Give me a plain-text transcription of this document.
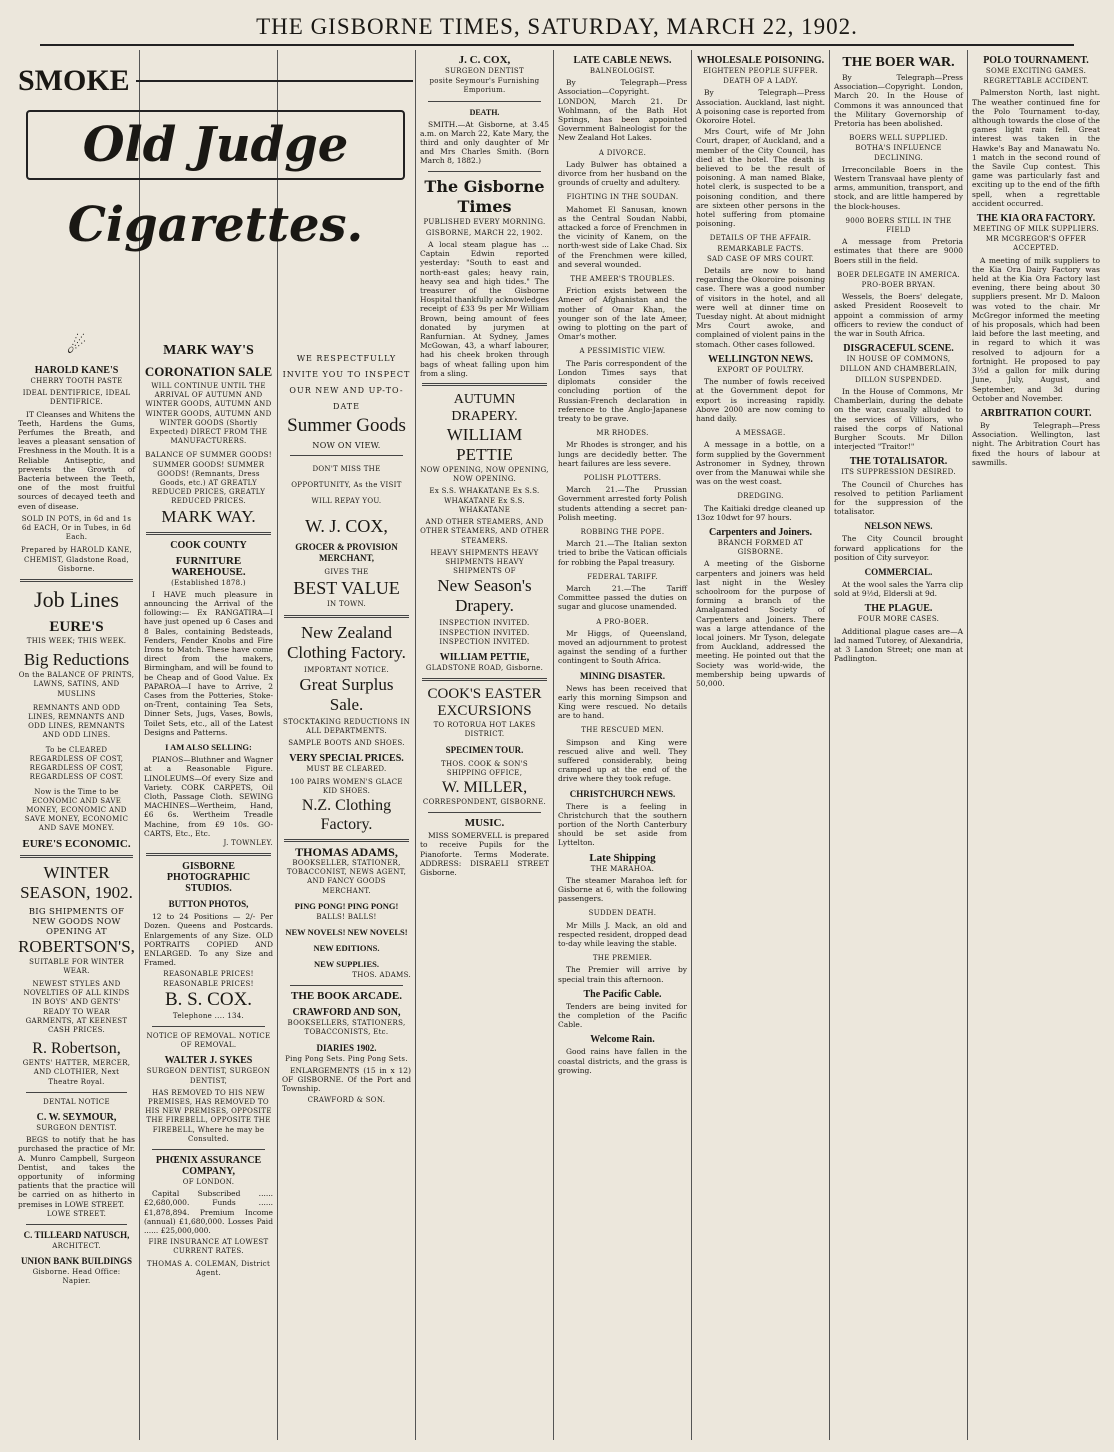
THE GISBORNE TIMES, SATURDAY, MARCH 22, 1902.
SMOKE
Old Judge
Cigarettes.
☄
HAROLD KANE'S
CHERRY TOOTH PASTE
IDEAL DENTIFRICE, IDEAL DENTIFRICE.
IT Cleanses and Whitens the Teeth, Hardens the Gums, Perfumes the Breath, and leaves a pleasant sensation of Freshness in the Mouth. It is a Reliable Antiseptic, and prevents the Growth of Bacteria between the Teeth, one of the most fruitful sources of decayed teeth and even of disease.
SOLD IN POTS, in 6d and 1s 6d EACH, Or in Tubes, in 6d Each.
Prepared by HAROLD KANE, CHEMIST, Gladstone Road, Gisborne.
Job Lines
EURE'S
THIS WEEK; THIS WEEK.
Big Reductions
On the BALANCE OF PRINTS, LAWNS, SATINS, AND MUSLINS
REMNANTS AND ODD LINES, REMNANTS AND ODD LINES, REMNANTS AND ODD LINES.
To be CLEARED REGARDLESS OF COST, REGARDLESS OF COST, REGARDLESS OF COST.
Now is the Time to be ECONOMIC AND SAVE MONEY, ECONOMIC AND SAVE MONEY, ECONOMIC AND SAVE MONEY.
EURE'S ECONOMIC.
WINTER SEASON, 1902.
BIG SHIPMENTS OF NEW GOODS NOW OPENING AT
ROBERTSON'S,
SUITABLE FOR WINTER WEAR.
NEWEST STYLES AND NOVELTIES OF ALL KINDS IN BOYS' AND GENTS' READY TO WEAR GARMENTS, AT KEENEST CASH PRICES.
R. Robertson,
GENTS' HATTER, MERCER, AND CLOTHIER, Next Theatre Royal.
DENTAL NOTICE
C. W. SEYMOUR,
SURGEON DENTIST.
BEGS to notify that he has purchased the practice of Mr. A. Munro Campbell, Surgeon Dentist, and takes the opportunity of informing patients that the practice will be carried on as hitherto in premises in LOWE STREET.
LOWE STREET.
C. TILLEARD NATUSCH,
ARCHITECT.
UNION BANK BUILDINGS
Gisborne. Head Office: Napier.
MARK WAY'S
CORONATION SALE
WILL CONTINUE UNTIL THE ARRIVAL OF AUTUMN AND WINTER GOODS, AUTUMN AND WINTER GOODS, AUTUMN AND WINTER GOODS (Shortly Expected) DIRECT FROM THE MANUFACTURERS.
BALANCE OF SUMMER GOODS! SUMMER GOODS! SUMMER GOODS! (Remnants, Dress Goods, etc.) AT GREATLY REDUCED PRICES, GREATLY REDUCED PRICES.
MARK WAY.
COOK COUNTY
FURNITURE WAREHOUSE.
(Established 1878.)
I HAVE much pleasure in announcing the Arrival of the following:— Ex RANGATIRA—I have just opened up 6 Cases and 8 Bales, containing Bedsteads, Fenders, Fender Knobs and Fire Irons to Match. These have come direct from the makers, Birmingham, and will be found to be Cheap and of Good Value. Ex PAPAROA—I have to Arrive, 2 Cases from the Potteries, Stoke-on-Trent, containing Tea Sets, Dinner Sets, Jugs, Vases, Bowls, Toilet Sets, etc., all of the Latest Designs and Patterns.
I AM ALSO SELLING:
PIANOS—Bluthner and Wagner at a Reasonable Figure. LINOLEUMS—Of every Size and Variety. CORK CARPETS, Oil Cloth, Passage Cloth. SEWING MACHINES—Wertheim, Hand, £6 6s. Wertheim Treadle Machine, from £9 10s. GO-CARTS, Etc., Etc.
J. TOWNLEY.
GISBORNE PHOTOGRAPHIC STUDIOS.
BUTTON PHOTOS,
12 to 24 Positions — 2/- Per Dozen. Queens and Postcards. Enlargements of any Size. OLD PORTRAITS COPIED AND ENLARGED. To any Size and Framed.
REASONABLE PRICES! REASONABLE PRICES!
B. S. COX.
Telephone .... 134.
NOTICE OF REMOVAL. NOTICE OF REMOVAL.
WALTER J. SYKES
SURGEON DENTIST, SURGEON DENTIST,
HAS REMOVED TO HIS NEW PREMISES, HAS REMOVED TO HIS NEW PREMISES, OPPOSITE THE FIREBELL, OPPOSITE THE FIREBELL, Where he may be Consulted.
PHŒNIX ASSURANCE COMPANY,
OF LONDON.
Capital Subscribed ...... £2,680,000. Funds ...... £1,878,894. Premium Income (annual) £1,680,000. Losses Paid ...... £25,000,000.
FIRE INSURANCE AT LOWEST CURRENT RATES.
THOMAS A. COLEMAN, District Agent.
WE RESPECTFULLY INVITE YOU TO INSPECT OUR NEW AND UP-TO-DATE
Summer Goods
NOW ON VIEW.
DON'T MISS THE OPPORTUNITY, As the VISIT WILL REPAY YOU.
W. J. COX,
GROCER & PROVISION MERCHANT,
GIVES THE
BEST VALUE
IN TOWN.
New Zealand Clothing Factory.
IMPORTANT NOTICE.
Great Surplus Sale.
STOCKTAKING REDUCTIONS IN ALL DEPARTMENTS.
SAMPLE BOOTS AND SHOES.
VERY SPECIAL PRICES.
MUST BE CLEARED.
100 PAIRS WOMEN'S GLACE KID SHOES.
N.Z. Clothing Factory.
THOMAS ADAMS,
BOOKSELLER, STATIONER, TOBACCONIST, NEWS AGENT, AND FANCY GOODS MERCHANT.
PING PONG! PING PONG!
BALLS! BALLS!
NEW NOVELS! NEW NOVELS!
NEW EDITIONS.
NEW SUPPLIES.
THOS. ADAMS.
THE BOOK ARCADE.
CRAWFORD AND SON,
BOOKSELLERS, STATIONERS, TOBACCONISTS, Etc.
DIARIES 1902.
Ping Pong Sets. Ping Pong Sets.
ENLARGEMENTS (15 in x 12) OF GISBORNE. Of the Port and Township.
CRAWFORD & SON.
J. C. COX,
SURGEON DENTIST
posite Seymour's Furnishing Emporium.
DEATH.
SMITH.—At Gisborne, at 3.45 a.m. on March 22, Kate Mary, the third and only daughter of Mr and Mrs Charles Smith. (Born March 8, 1882.)
The Gisborne Times
PUBLISHED EVERY MORNING.
GISBORNE, MARCH 22, 1902.
A local steam plague has ... Captain Edwin reported yesterday: "South to east and north-east gales; heavy rain, heavy sea and high tides." The treasurer of the Gisborne Hospital thankfully acknowledges receipt of £33 9s per Mr William Brown, being amount of fees donated by jurymen at Ranfurnian. At Sydney, James McGowan, 43, a wharf labourer, had his cheek broken through bags of wheat falling upon him from a sling.
AUTUMN DRAPERY.
WILLIAM PETTIE
NOW OPENING, NOW OPENING, NOW OPENING.
Ex S.S. WHAKATANE Ex S.S. WHAKATANE Ex S.S. WHAKATANE
AND OTHER STEAMERS, AND OTHER STEAMERS, AND OTHER STEAMERS.
HEAVY SHIPMENTS HEAVY SHIPMENTS HEAVY SHIPMENTS OF
New Season's Drapery.
INSPECTION INVITED. INSPECTION INVITED. INSPECTION INVITED.
WILLIAM PETTIE,
GLADSTONE ROAD, Gisborne.
COOK'S EASTER EXCURSIONS
TO ROTORUA HOT LAKES DISTRICT.
SPECIMEN TOUR.
THOS. COOK & SON'S SHIPPING OFFICE,
W. MILLER,
CORRESPONDENT, GISBORNE.
MUSIC.
MISS SOMERVELL is prepared to receive Pupils for the Pianoforte. Terms Moderate. ADDRESS: DISRAELI STREET Gisborne.
LATE CABLE NEWS.
BALNEOLOGIST.
By Telegraph—Press Association—Copyright. LONDON, March 21. Dr Wohlmann, of the Bath Hot Springs, has been appointed Government Balneologist for the New Zealand Hot Lakes.
A DIVORCE.
Lady Bulwer has obtained a divorce from her husband on the grounds of cruelty and adultery.
FIGHTING IN THE SOUDAN.
Mahomet El Sanusan, known as the Central Soudan Nabbi, attacked a force of Frenchmen in the vicinity of Kanem, on the north-west side of Lake Chad. Six of the Frenchmen were killed, and several wounded.
THE AMEER'S TROUBLES.
Friction exists between the Ameer of Afghanistan and the mother of Omar Khan, the younger son of the late Ameer, owing to plotting on the part of Omar's mother.
A PESSIMISTIC VIEW.
The Paris correspondent of the London Times says that diplomats consider the concluding portion of the Russian-French declaration in reference to the Anglo-Japanese treaty to be grave.
MR RHODES.
Mr Rhodes is stronger, and his lungs are decidedly better. The heart failures are less severe.
POLISH PLOTTERS.
March 21.—The Prussian Government arrested forty Polish students attending a secret pan-Polish meeting.
ROBBING THE POPE.
March 21.—The Italian sexton tried to bribe the Vatican officials for robbing the Papal treasury.
FEDERAL TARIFF.
March 21.—The Tariff Committee passed the duties on sugar and glucose unamended.
A PRO-BOER.
Mr Higgs, of Queensland, moved an adjournment to protest against the sending of a further contingent to South Africa.
MINING DISASTER.
News has been received that early this morning Simpson and King were rescued. No details are to hand.
THE RESCUED MEN.
Simpson and King were rescued alive and well. They suffered considerably, being cramped up at the end of the drive where they took refuge.
CHRISTCHURCH NEWS.
There is a feeling in Christchurch that the southern portion of the North Canterbury should be set aside from Lyttelton.
Late Shipping
THE MARAHOA.
The steamer Marahoa left for Gisborne at 6, with the following passengers.
SUDDEN DEATH.
Mr Mills J. Mack, an old and respected resident, dropped dead to-day while leaving the stable.
THE PREMIER.
The Premier will arrive by special train this afternoon.
The Pacific Cable.
Tenders are being invited for the completion of the Pacific Cable.
Welcome Rain.
Good rains have fallen in the coastal districts, and the grass is growing.
WHOLESALE POISONING.
EIGHTEEN PEOPLE SUFFER.
DEATH OF A LADY.
By Telegraph—Press Association. Auckland, last night. A poisoning case is reported from Okoroire Hotel.
Mrs Court, wife of Mr John Court, draper, of Auckland, and a member of the City Council, has died at the hotel. The death is believed to be the result of poisoning. A man named Blake, hotel clerk, is suspected to be a poisoning condition, and there are sixteen other persons in the hotel suffering from ptomaine poisoning.
DETAILS OF THE AFFAIR.
REMARKABLE FACTS.
SAD CASE OF MRS COURT.
Details are now to hand regarding the Okoroire poisoning case. There was a good number of visitors in the hotel, and all were well at dinner time on Tuesday night. At about midnight Mrs Court awoke, and complained of violent pains in the stomach. Other cases followed.
WELLINGTON NEWS.
EXPORT OF POULTRY.
The number of fowls received at the Government depot for export is increasing rapidly. Above 2000 are now coming to hand daily.
A MESSAGE.
A message in a bottle, on a form supplied by the Government Astronomer in Sydney, thrown over from the Manuwai while she was on the west coast.
DREDGING.
The Kaitiaki dredge cleaned up 13oz 10dwt for 97 hours.
Carpenters and Joiners.
BRANCH FORMED AT GISBORNE.
A meeting of the Gisborne carpenters and joiners was held last night in the Wesley schoolroom for the purpose of forming a branch of the Amalgamated Society of Carpenters and Joiners. There was a large attendance of the local joiners. Mr Tyson, delegate from Auckland, addressed the meeting. He pointed out that the Society was world-wide, the membership being upwards of 50,000.
THE BOER WAR.
By Telegraph—Press Association—Copyright. London, March 20. In the House of Commons it was announced that the Military Governorship of Pretoria has been abolished.
BOERS WELL SUPPLIED.
BOTHA'S INFLUENCE DECLINING.
Irreconcilable Boers in the Western Transvaal have plenty of arms, ammunition, transport, and stock, and are little hampered by the block-houses.
9000 BOERS STILL IN THE FIELD
A message from Pretoria estimates that there are 9000 Boers still in the field.
BOER DELEGATE IN AMERICA.
PRO-BOER BRYAN.
Wessels, the Boers' delegate, asked President Roosevelt to appoint a commission of army officers to review the conduct of the war in South Africa.
DISGRACEFUL SCENE.
IN HOUSE OF COMMONS,
DILLON AND CHAMBERLAIN,
DILLON SUSPENDED.
In the House of Commons, Mr Chamberlain, during the debate on the war, casually alluded to the services of Villiors, who raised the corps of National Burgher Scouts. Mr Dillon interjected "Traitor!"
THE TOTALISATOR.
ITS SUPPRESSION DESIRED.
The Council of Churches has resolved to petition Parliament for the suppression of the totalisator.
NELSON NEWS.
The City Council brought forward applications for the position of City surveyor.
COMMERCIAL.
At the wool sales the Yarra clip sold at 9½d, Eldersli at 9d.
THE PLAGUE.
FOUR MORE CASES.
Additional plague cases are—A lad named Tutorey, of Alexandria, at 3 Landon Street; one man at Padlington.
POLO TOURNAMENT.
SOME EXCITING GAMES.
REGRETTABLE ACCIDENT.
Palmerston North, last night. The weather continued fine for the Polo Tournament to-day, although towards the close of the games light rain fell. Great interest was taken in the Hawke's Bay and Manawatu No. 1 match in the second round of the Savile Cup contest. This game was particularly fast and exciting up to the end of the fifth spell, when a regrettable accident occurred.
THE KIA ORA FACTORY.
MEETING OF MILK SUPPLIERS.
MR MCGREGOR'S OFFER ACCEPTED.
A meeting of milk suppliers to the Kia Ora Dairy Factory was held at the Kia Ora Factory last evening, there being about 30 suppliers present. Mr D. Maloon was voted to the chair. Mr McGregor informed the meeting of his proposals, which had been laid before the last meeting, and in regard to which it was resolved to adjourn for a fortnight. He proposed to pay 3½d a gallon for milk during June, July, August, and September, and 3d during October and November.
ARBITRATION COURT.
By Telegraph—Press Association. Wellington, last night. The Arbitration Court has fixed the hours of labour at sawmills.
